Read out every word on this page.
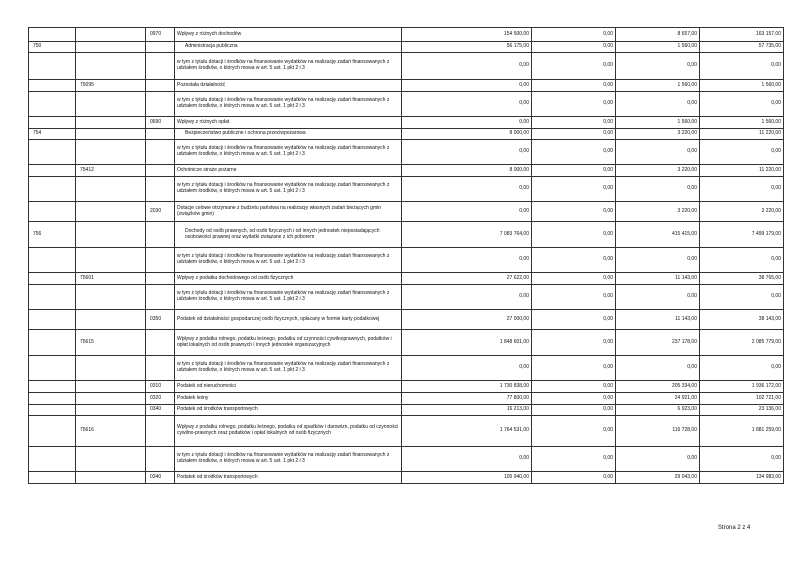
		0970	Wpływy z różnych dochodów	154 500,00	0,00	8 657,00	163 157,00
750			Administracja publiczna	56 175,00	0,00	1 560,00	57 735,00
			w tym z tytułu dotacji i środków na finansowanie wydatków na realizację zadań finansowanych z udziałem środków, o których mowa w art. 5 ust. 1 pkt 2 i 3	0,00	0,00	0,00	0,00
	75095		Pozostała działalność	0,00	0,00	1 560,00	1 560,00
			w tym z tytułu dotacji i środków na finansowanie wydatków na realizację zadań finansowanych z udziałem środków, o których mowa w art. 5 ust. 1 pkt 2 i 3	0,00	0,00	0,00	0,00
		0690	Wpływy z różnych opłat	0,00	0,00	1 560,00	1 560,00
754			Bezpieczeństwo publiczne i ochrona przeciwpożarowa	8 000,00	0,00	3 220,00	11 220,00
			w tym z tytułu dotacji i środków na finansowanie wydatków na realizację zadań finansowanych z udziałem środków, o których mowa w art. 5 ust. 1 pkt 2 i 3	0,00	0,00	0,00	0,00
	75412		Ochotnicze straże pożarne	8 000,00	0,00	3 220,00	11 220,00
			w tym z tytułu dotacji i środków na finansowanie wydatków na realizację zadań finansowanych z udziałem środków, o których mowa w art. 5 ust. 1 pkt 2 i 3	0,00	0,00	0,00	0,00
		2030	Dotacje celowe otrzymane z budżetu państwa na realizację własnych zadań bieżących gmin (związków gmin)	0,00	0,00	3 220,00	3 220,00
756			Dochody od osób prawnych, od osób fizycznych i od innych jednostek nieposiadających osobowości prawnej oraz wydatki związane z ich poborem	7 083 764,00	0,00	415 415,00	7 499 179,00
			w tym z tytułu dotacji i środków na finansowanie wydatków na realizację zadań finansowanych z udziałem środków, o których mowa w art. 5 ust. 1 pkt 2 i 3	0,00	0,00	0,00	0,00
	75601		Wpływy z podatku dochodowego od osób fizycznych	27 622,00	0,00	11 143,00	38 765,00
			w tym z tytułu dotacji i środków na finansowanie wydatków na realizację zadań finansowanych z udziałem środków, o których mowa w art. 5 ust. 1 pkt 2 i 3	0,00	0,00	0,00	0,00
		0350	Podatek od działalności gospodarczej osób fizycznych, opłacany w formie karty podatkowej	27 000,00	0,00	11 143,00	38 143,00
	75615		Wpływy z podatku rolnego, podatku leśnego, podatku od czynności cywilnoprawnych, podatków i opłat lokalnych od osób prawnych i innych jednostek organizacyjnych	1 848 601,00	0,00	237 178,00	2 085 779,00
			w tym z tytułu dotacji i środków na finansowanie wydatków na realizację zadań finansowanych z udziałem środków, o których mowa w art. 5 ust. 1 pkt 2 i 3	0,00	0,00	0,00	0,00
		0310	Podatek od nieruchomości	1 730 838,00	0,00	205 334,00	1 936 172,00
		0320	Podatek leśny	77 800,00	0,00	24 921,00	102 721,00
		0340	Podatek od środków transportowych	16 213,00	0,00	6 923,00	23 136,00
	75616		Wpływy z podatku rolnego, podatku leśnego, podatku od spadków i darowizn, podatku od czynności cywilno-prawnych oraz podatków i opłat lokalnych od osób fizycznych	1 764 531,00	0,00	116 728,00	1 881 259,00
			w tym z tytułu dotacji i środków na finansowanie wydatków na realizację zadań finansowanych z udziałem środków, o których mowa w art. 5 ust. 1 pkt 2 i 3	0,00	0,00	0,00	0,00
		0340	Podatek od środków transportowych	105 940,00	0,00	29 043,00	134 983,00
Strona 2 z 4
